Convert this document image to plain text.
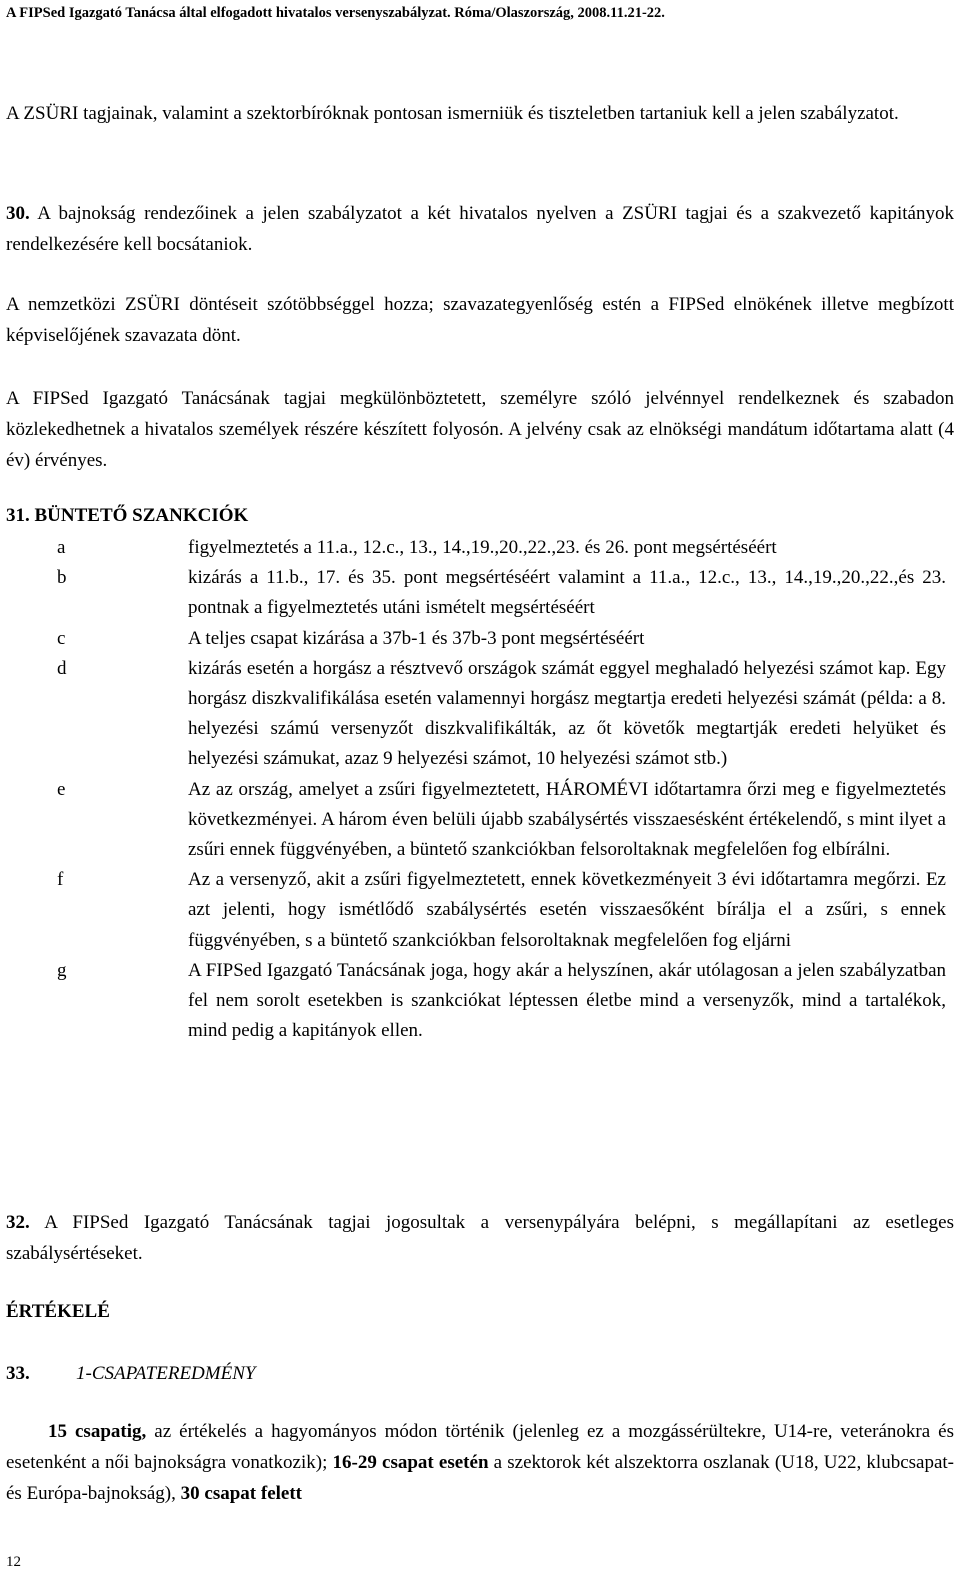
A FIPSed Igazgató Tanácsa által elfogadott hivatalos versenyszabályzat. Róma/Olaszország, 2008.11.21-22.

A ZSÜRI tagjainak, valamint a szektorbíróknak pontosan ismerniük és tiszteletben tartaniuk kell a jelen szabályzatot.

30. A bajnokság rendezőinek a jelen szabályzatot a két hivatalos nyelven a ZSÜRI tagjai és a szakvezető kapitányok rendelkezésére kell bocsátaniok.

A nemzetközi ZSÜRI döntéseit szótöbbséggel hozza; szavazategyenlőség estén a FIPSed elnökének illetve megbízott képviselőjének szavazata dönt.

A FIPSed Igazgató Tanácsának tagjai megkülönböztetett, személyre szóló jelvénnyel rendelkeznek és szabadon közlekedhetnek a hivatalos személyek részére készített folyosón. A jelvény csak az elnökségi mandátum időtartama alatt (4 év) érvényes.

31. BÜNTETŐ SZANKCIÓK
a	figyelmeztetés a 11.a., 12.c., 13., 14.,19.,20.,22.,23. és 26. pont megsértéséért
b	kizárás a 11.b., 17. és 35. pont megsértéséért valamint a 11.a., 12.c., 13., 14.,19.,20.,22.,és 23. pontnak a figyelmeztetés utáni ismételt megsértéséért
c	A teljes csapat kizárása a 37b-1 és 37b-3 pont megsértéséért
d	kizárás esetén a horgász a résztvevő országok számát eggyel meghaladó helyezési számot kap. Egy horgász diszkvalifikálása esetén valamennyi horgász megtartja eredeti helyezési számát (példa: a 8. helyezési számú versenyzőt diszkvalifikálták, az őt követők megtartják eredeti helyüket és helyezési számukat, azaz 9 helyezési számot, 10 helyezési számot stb.)
e	Az az ország, amelyet a zsűri figyelmeztetett, HÁROMÉVI időtartamra őrzi meg e figyelmeztetés következményei. A három éven belüli újabb szabálysértés visszaesésként értékelendő, s mint ilyet a zsűri ennek függvényében, a büntető szankciókban felsoroltaknak megfelelően fog elbírálni.
f	Az a versenyző, akit a zsűri figyelmeztetett, ennek következményeit 3 évi időtartamra megőrzi. Ez azt jelenti, hogy ismétlődő szabálysértés esetén visszaesőként bírálja el a zsűri, s ennek függvényében, s a büntető szankciókban felsoroltaknak megfelelően fog eljárni
g	A FIPSed Igazgató Tanácsának joga, hogy akár a helyszínen, akár utólagosan a jelen szabályzatban fel nem sorolt esetekben is szankciókat léptessen életbe mind a versenyzők, mind a tartalékok, mind pedig a kapitányok ellen.

32. A FIPSed Igazgató Tanácsának tagjai jogosultak a versenypályára belépni, s megállapítani az esetleges szabálysértéseket.

ÉRTÉKELÉ
33. 1-CSAPATEREDMÉNY

15 csapatig, az értékelés a hagyományos módon történik (jelenleg ez a mozgássérültekre, U14-re, veteránokra és esetenként a női bajnokságra vonatkozik); 16-29 csapat esetén a szektorok két alszektorra oszlanak (U18, U22, klubcsapat- és Európa-bajnokság), 30 csapat felett

12
